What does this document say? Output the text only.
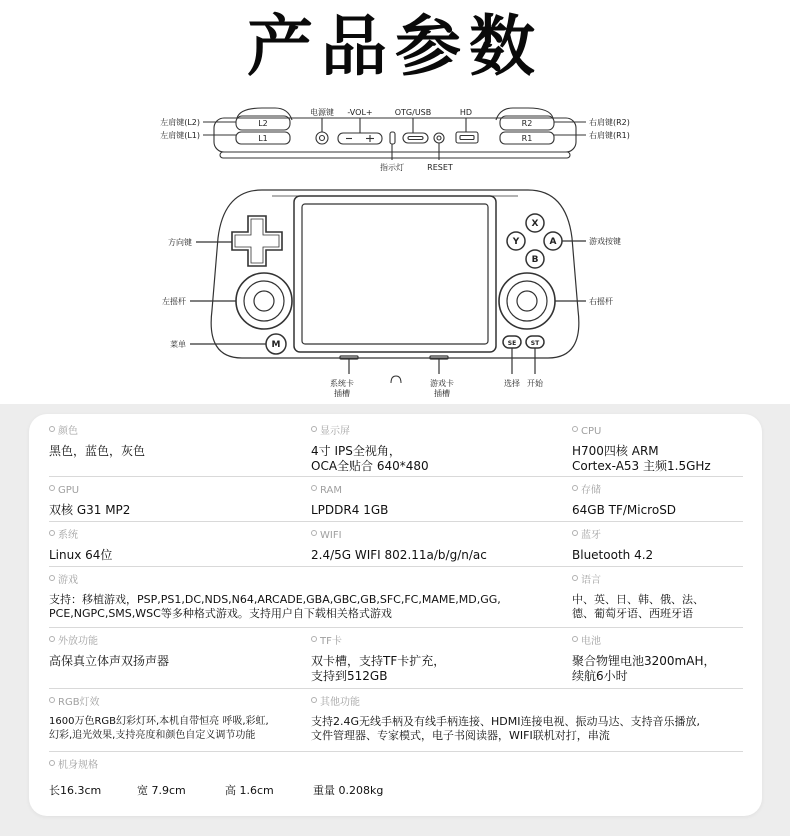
产品参数
左肩键(L2)
左肩键(L1)
右肩键(R2)
右肩键(R1)
电源键 -VOL+	OTG/USB	HD
指示灯	RESET
L2
L1
R2
R1
X
Y	A
B
M	SE ST
方向键
左摇杆
菜单
游戏按键
右摇杆
系统卡
插槽
游戏卡
插槽
选择 开始
颜色
黑色，蓝色，灰色
显示屏
4寸 IPS全视角，
OCA全贴合 640*480
CPU
H700四核 ARM
Cortex-A53 主频1.5GHz
GPU
双核 G31 MP2
RAM
LPDDR4 1GB
存储
64GB TF/MicroSD
系统
Linux 64位
WIFI
2.4/5G WIFI 802.11a/b/g/n/ac
蓝牙
Bluetooth 4.2
游戏
支持：移植游戏，PSP,PS1,DC,NDS,N64,ARCADE,GBA,GBC,GB,SFC,FC,MAME,MD,GG,
PCE,NGPC,SMS,WSC等多种格式游戏。支持用户自下载相关格式游戏
语言
中、英、日、韩、俄、法、
德、葡萄牙语、西班牙语
外放功能
高保真立体声双扬声器
TF卡
双卡槽，支持TF卡扩充，
支持到512GB
电池
聚合物锂电池3200mAH，
续航6小时
RGB灯效
1600万色RGB幻彩灯环,本机自带恒亮 呼吸,彩虹,
幻彩,追光效果,支持亮度和颜色自定义调节功能
其他功能
支持2.4G无线手柄及有线手柄连接、HDMI连接电视、振动马达、支持音乐播放,
文件管理器、专家模式，电子书阅读器，WIFI联机对打，串流
机身规格
长16.3cm	宽 7.9cm	高 1.6cm	重量 0.208kg
